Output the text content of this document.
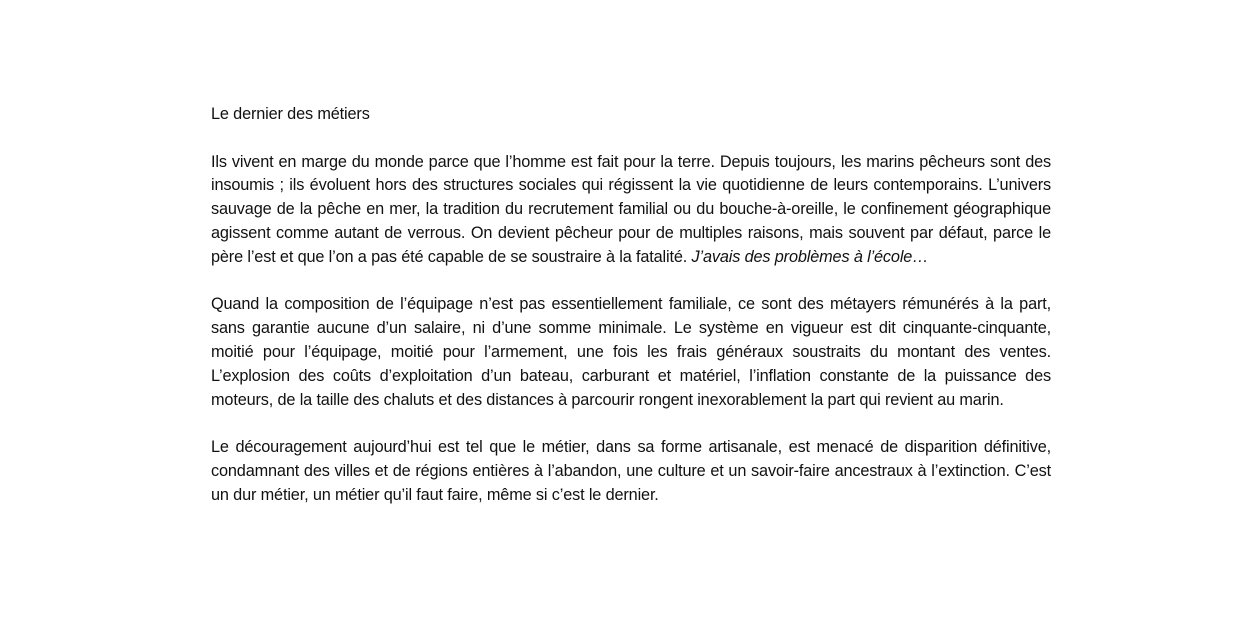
Le dernier des métiers

Ils vivent en marge du monde parce que l’homme est fait pour la terre. Depuis toujours, les marins pêcheurs sont des insoumis ; ils évoluent hors des structures sociales qui régissent la vie quotidienne de leurs contemporains. L’univers sauvage de la pêche en mer, la tradition du recrutement familial ou du bouche-à-oreille, le confinement géographique agissent comme autant de verrous. On devient pêcheur pour de multiples raisons, mais souvent par défaut, parce le père l’est et que l’on a pas été capable de se soustraire à la fatalité. J’avais des problèmes à l’école…

Quand la composition de l’équipage n’est pas essentiellement familiale, ce sont des métayers rémunérés à la part, sans garantie aucune d’un salaire, ni d’une somme minimale. Le système en vigueur est dit cinquante-cinquante, moitié pour l’équipage, moitié pour l’armement, une fois les frais généraux soustraits du montant des ventes. L’explosion des coûts d’exploitation d’un bateau, carburant et matériel, l’inflation constante de la puissance des moteurs, de la taille des chaluts et des distances à parcourir rongent inexorablement la part qui revient au marin.

Le découragement aujourd’hui est tel que le métier, dans sa forme artisanale, est menacé de disparition définitive, condamnant des villes et de régions entières à l’abandon, une culture et un savoir-faire ancestraux à l’extinction. C’est un dur métier, un métier qu’il faut faire, même si c’est le dernier.
